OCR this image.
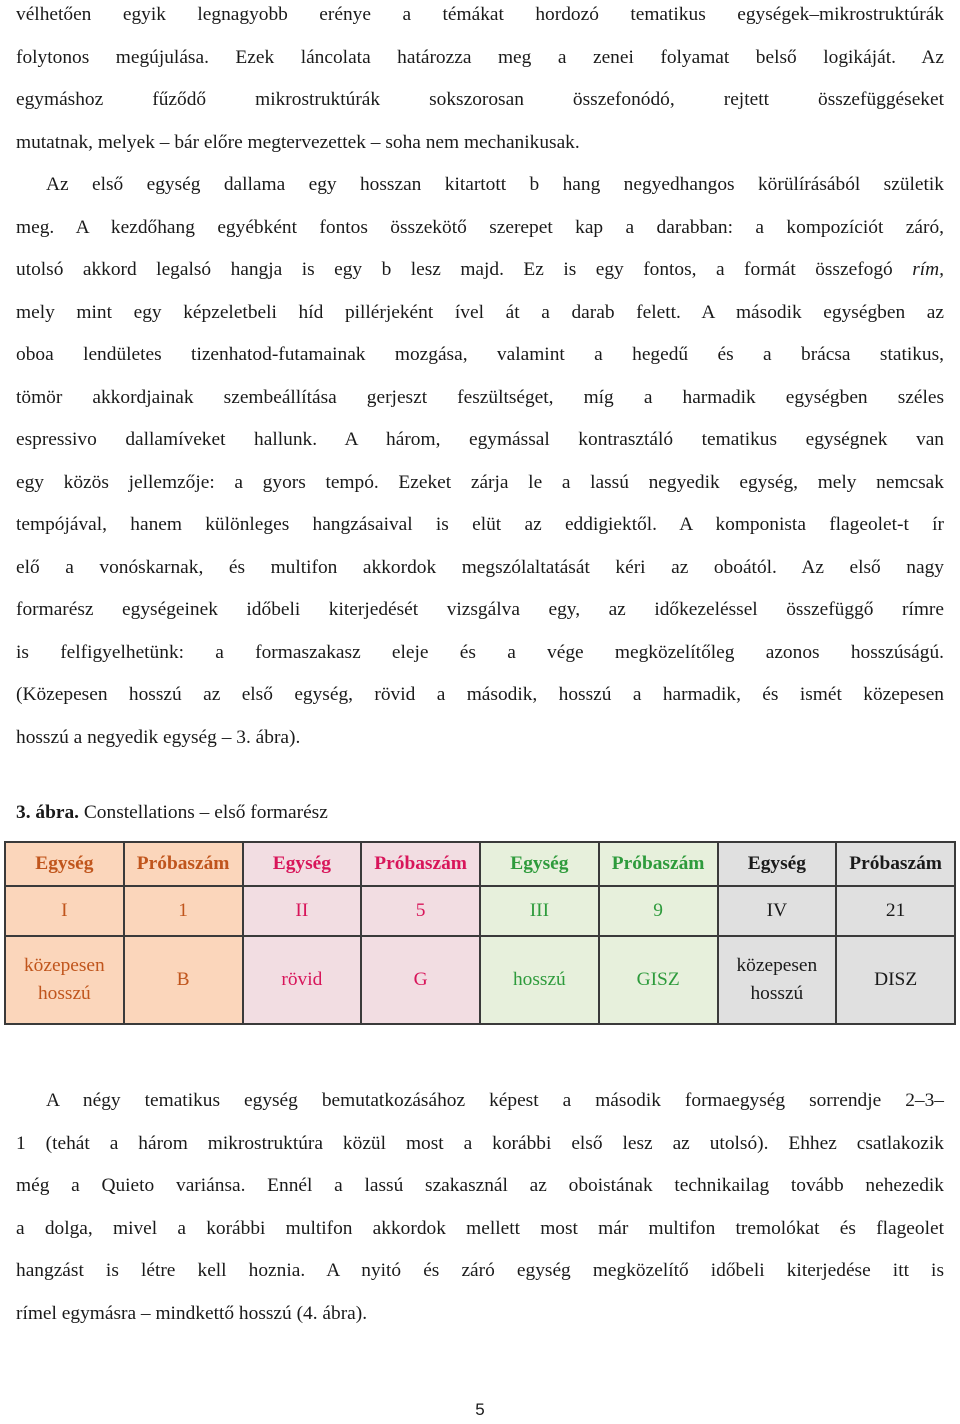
vélhetően egyik legnagyobb erénye a témákat hordozó tematikus egységek–mikrostruktúrák
folytonos megújulása. Ezek láncolata határozza meg a zenei folyamat belső logikáját. Az
egymáshoz fűződő mikrostruktúrák sokszorosan összefonódó, rejtett összefüggéseket
mutatnak, melyek – bár előre megtervezettek – soha nem mechanikusak.
Az első egység dallama egy hosszan kitartott b hang negyedhangos körülírásából születik
meg. A kezdőhang egyébként fontos összekötő szerepet kap a darabban: a kompozíciót záró,
utolsó akkord legalsó hangja is egy b lesz majd. Ez is egy fontos, a formát összefogó rím,
mely mint egy képzeletbeli híd pillérjeként ível át a darab felett. A második egységben az
oboa lendületes tizenhatod-futamainak mozgása, valamint a hegedű és a brácsa statikus,
tömör akkordjainak szembeállítása gerjeszt feszültséget, míg a harmadik egységben széles
espressivo dallamíveket hallunk. A három, egymással kontrasztáló tematikus egységnek van
egy közös jellemzője: a gyors tempó. Ezeket zárja le a lassú negyedik egység, mely nemcsak
tempójával, hanem különleges hangzásaival is elüt az eddigiektől. A komponista flageolet-t ír
elő a vonóskarnak, és multifon akkordok megszólaltatását kéri az oboától. Az első nagy
formarész egységeinek időbeli kiterjedését vizsgálva egy, az időkezeléssel összefüggő rímre
is felfigyelhetünk: a formaszakasz eleje és a vége megközelítőleg azonos hosszúságú.
(Közepesen hosszú az első egység, rövid a második, hosszú a harmadik, és ismét közepesen
hosszú a negyedik egység – 3. ábra).
3. ábra. Constellations – első formarész
Egység	Próbaszám	Egység	Próbaszám	Egység	Próbaszám	Egység	Próbaszám
I	1	II	5	III	9	IV	21
közepesen hosszú	B	rövid	G	hosszú	GISZ	közepesen hosszú	DISZ
A négy tematikus egység bemutatkozásához képest a második formaegység sorrendje 2–3–
1 (tehát a három mikrostruktúra közül most a korábbi első lesz az utolsó). Ehhez csatlakozik
még a Quieto variánsa. Ennél a lassú szakasznál az oboistának technikailag tovább nehezedik
a dolga, mivel a korábbi multifon akkordok mellett most már multifon tremolókat és flageolet
hangzást is létre kell hoznia. A nyitó és záró egység megközelítő időbeli kiterjedése itt is
rímel egymásra – mindkettő hosszú (4. ábra).
5
